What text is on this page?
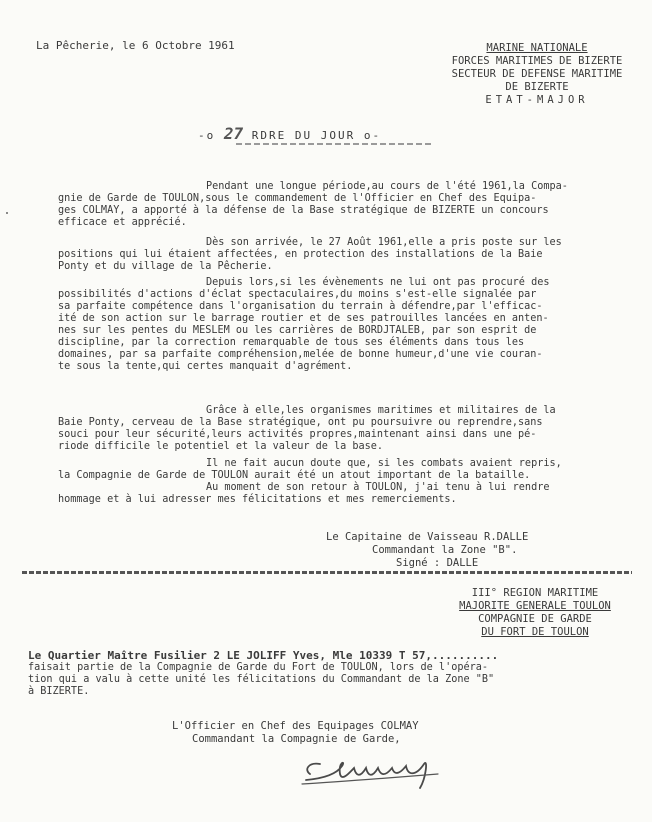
La Pêcherie, le 6 Octobre 1961	MARINE NATIONALE
FORCES MARITIMES DE BIZERTE
SECTEUR DE DEFENSE MARITIME
DE BIZERTE
ETAT-MAJOR
-o 27 RDRE DU JOUR o-
Pendant une longue période,au cours de l'été 1961,la Compa-
gnie de Garde de TOULON,sous le commandement de l'Officier en Chef des Equipa-
ges COLMAY, a apporté à la défense de la Base stratégique de BIZERTE un concours
efficace et apprécié.
Dès son arrivée, le 27 Août 1961,elle a pris poste sur les
positions qui lui étaient affectées, en protection des installations de la Baie
Ponty et du village de la Pêcherie.
Depuis lors,si les évènements ne lui ont pas procuré des
possibilités d'actions d'éclat spectaculaires,du moins s'est-elle signalée par
sa parfaite compétence dans l'organisation du terrain à défendre,par l'efficac-
ité de son action sur le barrage routier et de ses patrouilles lancées en anten-
nes sur les pentes du MESLEM ou les carrières de BORDJTALEB, par son esprit de
discipline, par la correction remarquable de tous ses éléments dans tous les
domaines, par sa parfaite compréhension,melée de bonne humeur,d'une vie couran-
te sous la tente,qui certes manquait d'agrément.
Grâce à elle,les organismes maritimes et militaires de la
Baie Ponty, cerveau de la Base stratégique, ont pu poursuivre ou reprendre,sans
souci pour leur sécurité,leurs activités propres,maintenant ainsi dans une pé-
riode difficile le potentiel et la valeur de la base.
Il ne fait aucun doute que, si les combats avaient repris,
la Compagnie de Garde de TOULON aurait été un atout important de la bataille.
Au moment de son retour à TOULON, j'ai tenu à lui rendre
hommage et à lui adresser mes félicitations et mes remerciements.
Le Capitaine de Vaisseau R.DALLE
Commandant la Zone "B".
Signé : DALLE
III° REGION MARITIME
MAJORITE GENERALE TOULON
COMPAGNIE DE GARDE
DU FORT DE TOULON
Le Quartier Maître Fusilier 2 LE JOLIFF Yves, Mle 10339 T 57,..........
faisait partie de la Compagnie de Garde du Fort de TOULON, lors de l'opéra-
tion qui a valu à cette unité les félicitations du Commandant de la Zone "B"
à BIZERTE.
L'Officier en Chef des Equipages COLMAY
Commandant la Compagnie de Garde,
